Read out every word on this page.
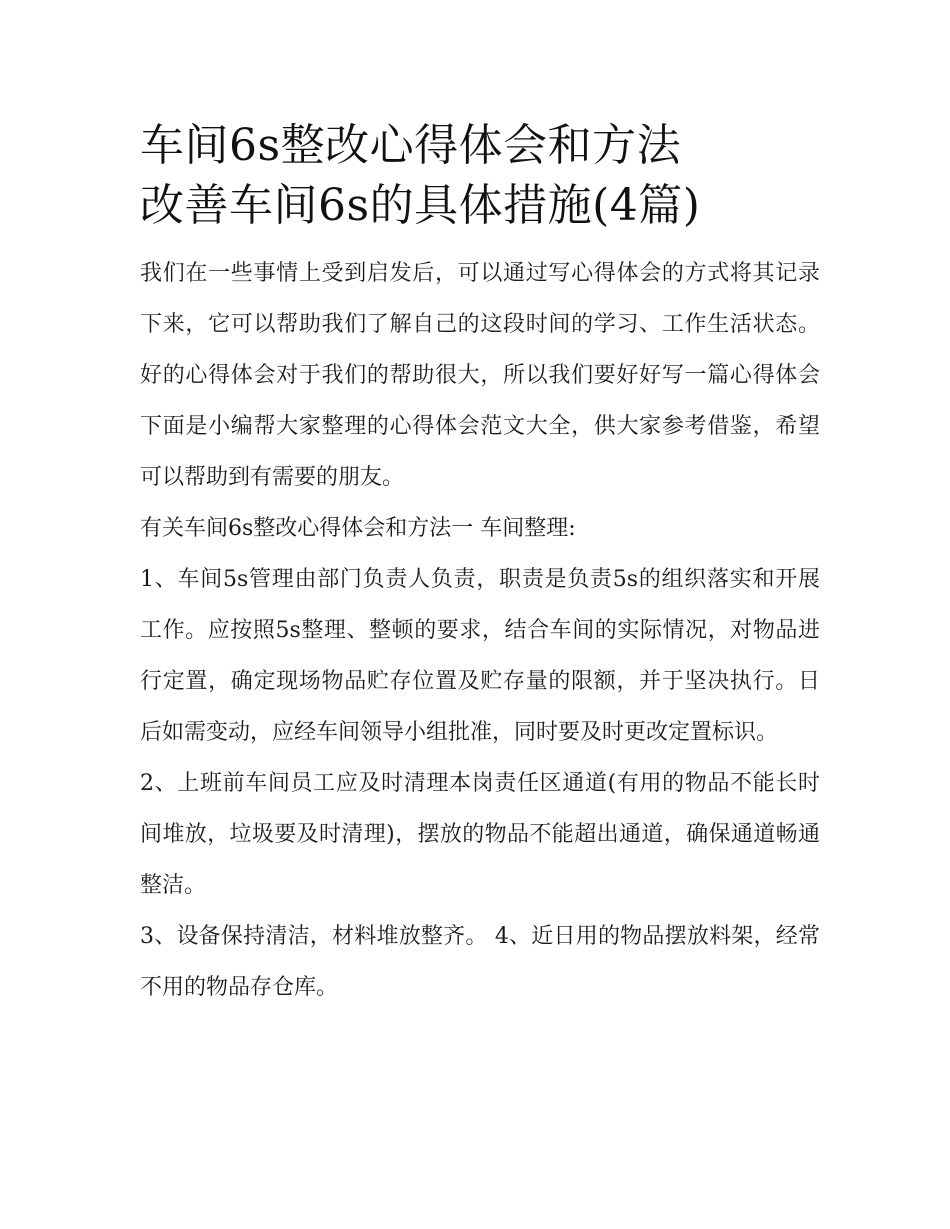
车间6s整改心得体会和方法
改善车间6s的具体措施(4篇)

我们在一些事情上受到启发后，可以通过写心得体会的方式将其记录下来，它可以帮助我们了解自己的这段时间的学习、工作生活状态。好的心得体会对于我们的帮助很大，所以我们要好好写一篇心得体会下面是小编帮大家整理的心得体会范文大全，供大家参考借鉴，希望可以帮助到有需要的朋友。

有关车间6s整改心得体会和方法一 车间整理:

1、车间5s管理由部门负责人负责，职责是负责5s的组织落实和开展工作。应按照5s整理、整顿的要求，结合车间的实际情况，对物品进行定置，确定现场物品贮存位置及贮存量的限额，并于坚决执行。日后如需变动，应经车间领导小组批准，同时要及时更改定置标识。

2、上班前车间员工应及时清理本岗责任区通道(有用的物品不能长时间堆放，垃圾要及时清理)，摆放的物品不能超出通道，确保通道畅通整洁。

3、设备保持清洁，材料堆放整齐。 4、近日用的物品摆放料架，经常不用的物品存仓库。
